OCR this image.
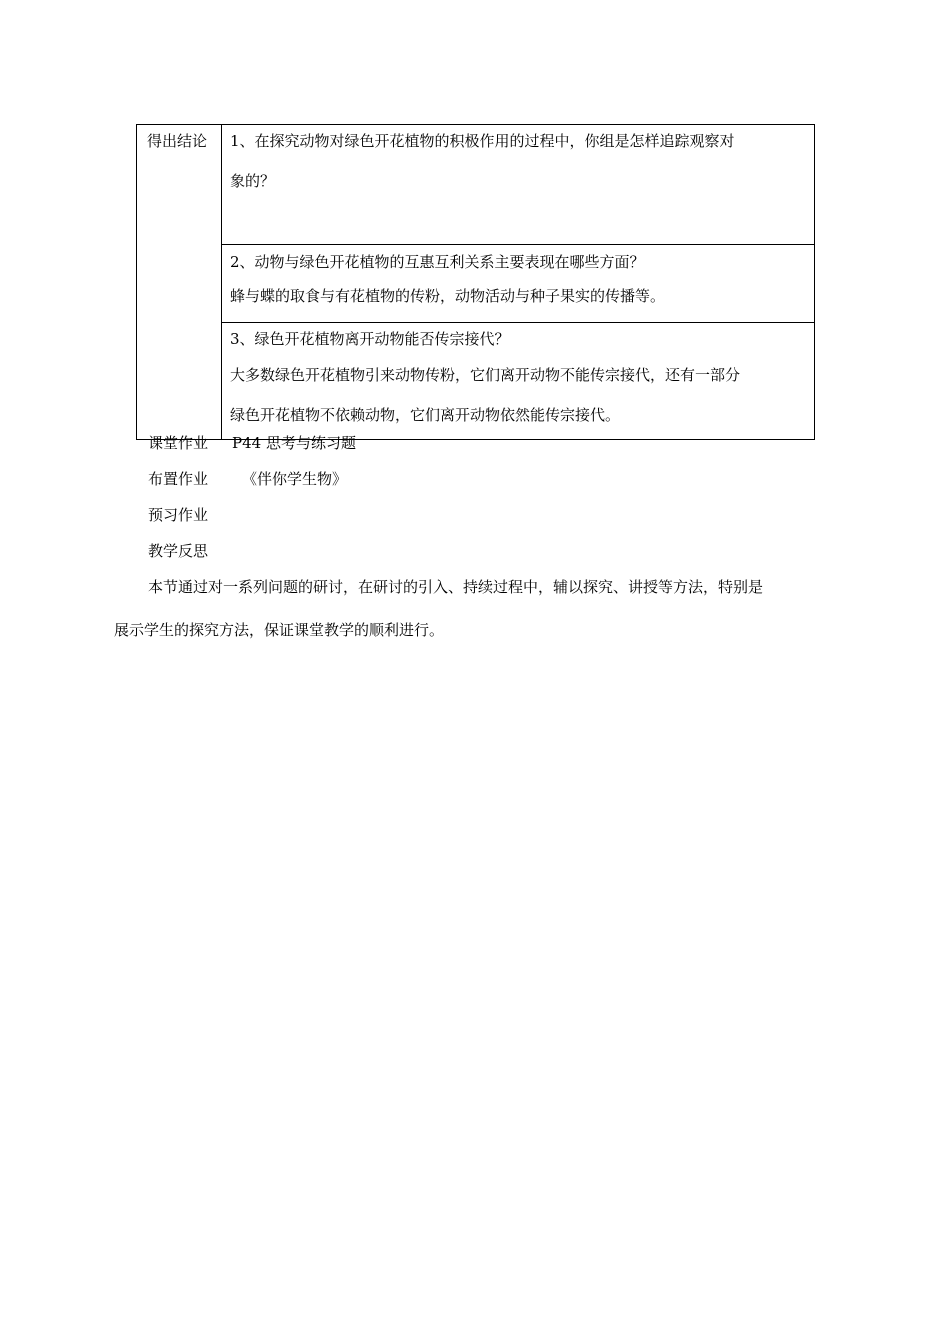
得出结论	1、在探究动物对绿色开花植物的积极作用的过程中，你组是怎样追踪观察对
象的？

2、动物与绿色开花植物的互惠互利关系主要表现在哪些方面？
蜂与蝶的取食与有花植物的传粉，动物活动与种子果实的传播等。

3、绿色开花植物离开动物能否传宗接代？
大多数绿色开花植物引来动物传粉，它们离开动物不能传宗接代，还有一部分
绿色开花植物不依赖动物，它们离开动物依然能传宗接代。
课堂作业 P44 思考与练习题
布置作业 《伴你学生物》
预习作业
教学反思
本节通过对一系列问题的研讨，在研讨的引入、持续过程中，辅以探究、讲授等方法，特别是
展示学生的探究方法，保证课堂教学的顺利进行。
